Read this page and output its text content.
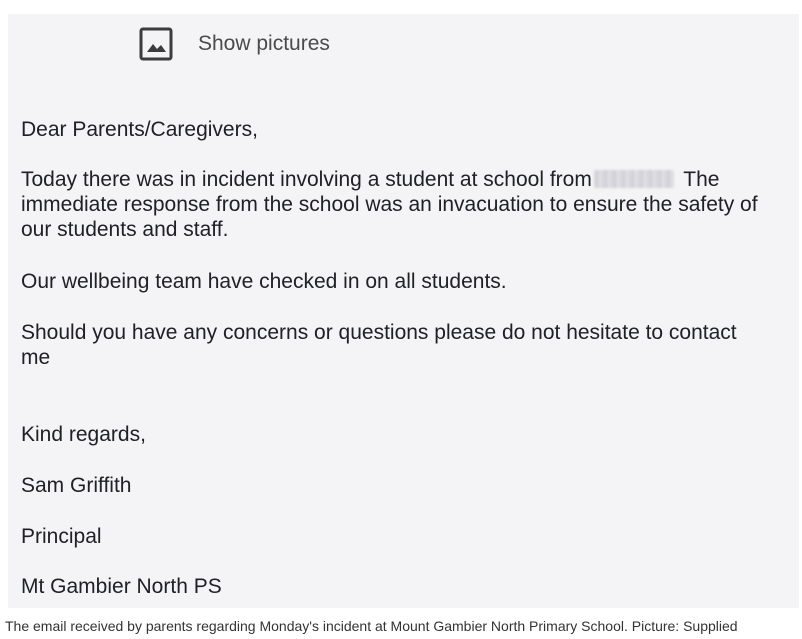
Show pictures

Dear Parents/Caregivers,

Today there was in incident involving a student at school from	The immediate response from the school was an invacuation to ensure the safety of our students and staff.

Our wellbeing team have checked in on all students.

Should you have any concerns or questions please do not hesitate to contact me

Kind regards,

Sam Griffith

Principal

Mt Gambier North PS

The email received by parents regarding Monday's incident at Mount Gambier North Primary School. Picture: Supplied
